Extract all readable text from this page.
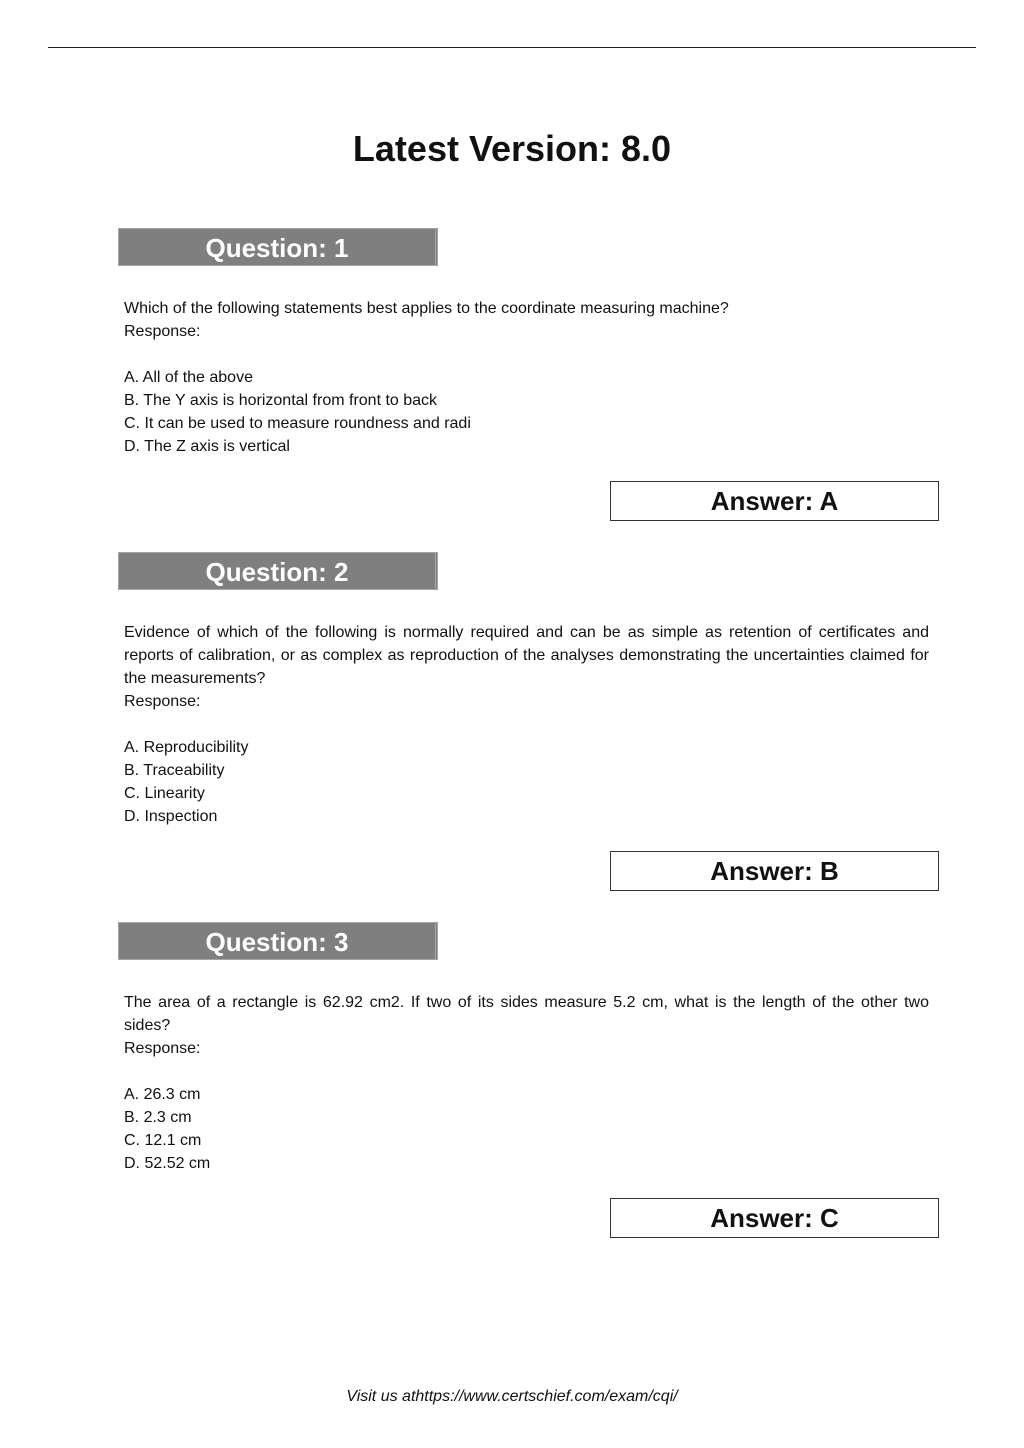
Latest Version: 8.0
Question: 1
Which of the following statements best applies to the coordinate measuring machine?
Response:
A. All of the above
B. The Y axis is horizontal from front to back
C. It can be used to measure roundness and radi
D. The Z axis is vertical
Answer: A
Question: 2
Evidence of which of the following is normally required and can be as simple as retention of certificates and reports of calibration, or as complex as reproduction of the analyses demonstrating the uncertainties claimed for the measurements?
Response:
A. Reproducibility
B. Traceability
C. Linearity
D. Inspection
Answer: B
Question: 3
The area of a rectangle is 62.92 cm2. If two of its sides measure 5.2 cm, what is the length of the other two sides?
Response:
A. 26.3 cm
B. 2.3 cm
C. 12.1 cm
D. 52.52 cm
Answer: C
Visit us athttps://www.certschief.com/exam/cqi/
